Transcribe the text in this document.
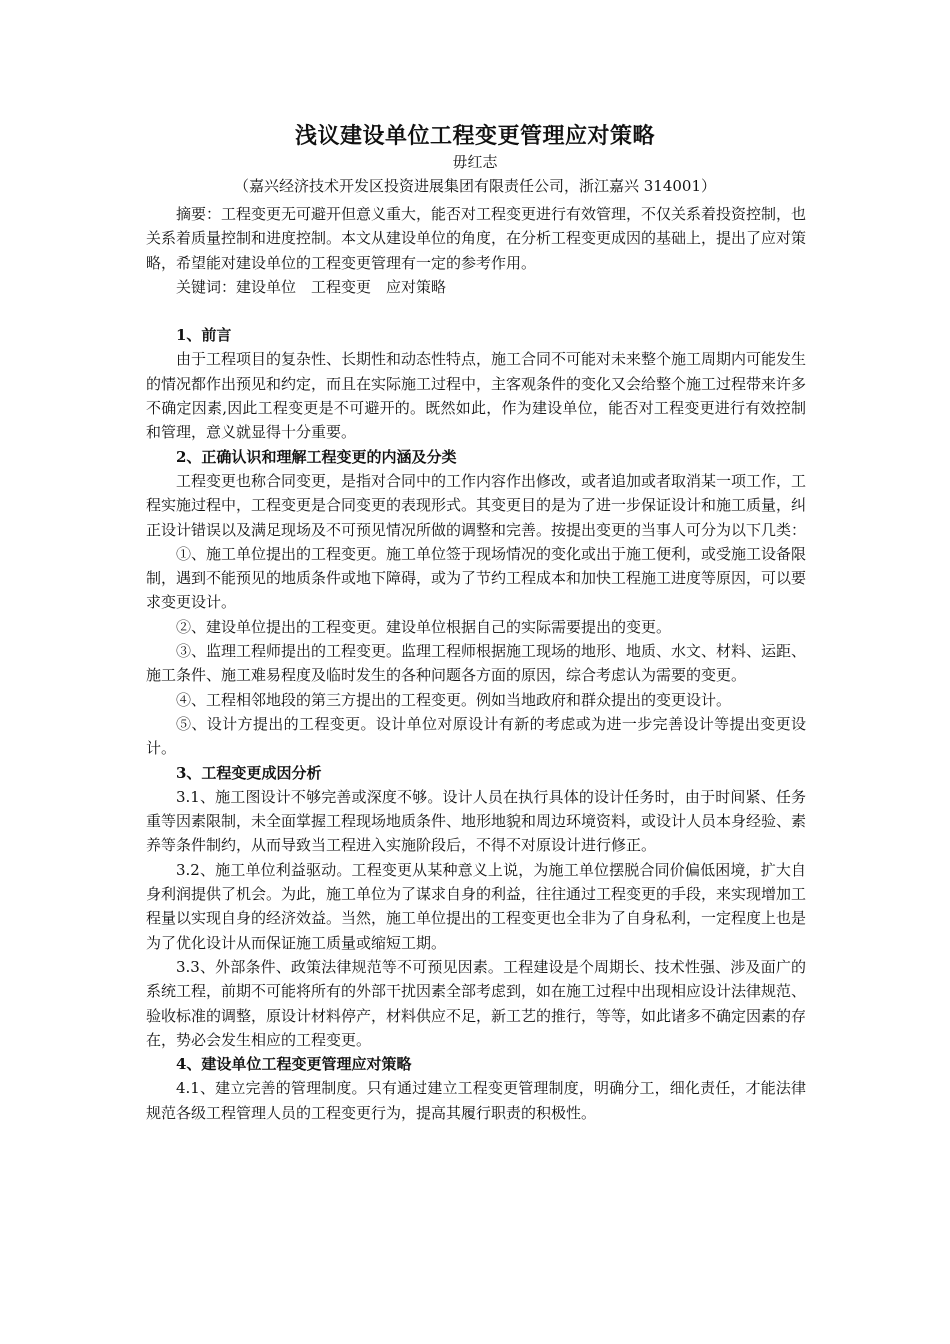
浅议建设单位工程变更管理应对策略
毋红志
（嘉兴经济技术开发区投资进展集团有限责任公司，浙江嘉兴 314001）

摘要：工程变更无可避开但意义重大，能否对工程变更进行有效管理，不仅关系着投资控制，也关系着质量控制和进度控制。本文从建设单位的角度，在分析工程变更成因的基础上，提出了应对策略，希望能对建设单位的工程变更管理有一定的参考作用。

关键词：建设单位　工程变更　应对策略

1、前言

由于工程项目的复杂性、长期性和动态性特点，施工合同不可能对未来整个施工周期内可能发生的情况都作出预见和约定，而且在实际施工过程中，主客观条件的变化又会给整个施工过程带来许多不确定因素,因此工程变更是不可避开的。既然如此，作为建设单位，能否对工程变更进行有效控制和管理，意义就显得十分重要。

2、正确认识和理解工程变更的内涵及分类

工程变更也称合同变更，是指对合同中的工作内容作出修改，或者追加或者取消某一项工作，工程实施过程中，工程变更是合同变更的表现形式。其变更目的是为了进一步保证设计和施工质量，纠正设计错误以及满足现场及不可预见情况所做的调整和完善。按提出变更的当事人可分为以下几类：

①、施工单位提出的工程变更。施工单位签于现场情况的变化或出于施工便利，或受施工设备限制，遇到不能预见的地质条件或地下障碍，或为了节约工程成本和加快工程施工进度等原因，可以要求变更设计。

②、建设单位提出的工程变更。建设单位根据自己的实际需要提出的变更。

③、监理工程师提出的工程变更。监理工程师根据施工现场的地形、地质、水文、材料、运距、施工条件、施工难易程度及临时发生的各种问题各方面的原因，综合考虑认为需要的变更。

④、工程相邻地段的第三方提出的工程变更。例如当地政府和群众提出的变更设计。

⑤、设计方提出的工程变更。设计单位对原设计有新的考虑或为进一步完善设计等提出变更设计。

3、工程变更成因分析

3.1、施工图设计不够完善或深度不够。设计人员在执行具体的设计任务时，由于时间紧、任务重等因素限制，未全面掌握工程现场地质条件、地形地貌和周边环境资料，或设计人员本身经验、素养等条件制约，从而导致当工程进入实施阶段后，不得不对原设计进行修正。

3.2、施工单位利益驱动。工程变更从某种意义上说，为施工单位摆脱合同价偏低困境，扩大自身利润提供了机会。为此，施工单位为了谋求自身的利益，往往通过工程变更的手段，来实现增加工程量以实现自身的经济效益。当然，施工单位提出的工程变更也全非为了自身私利，一定程度上也是为了优化设计从而保证施工质量或缩短工期。

3.3、外部条件、政策法律规范等不可预见因素。工程建设是个周期长、技术性强、涉及面广的系统工程，前期不可能将所有的外部干扰因素全部考虑到，如在施工过程中出现相应设计法律规范、验收标准的调整，原设计材料停产，材料供应不足，新工艺的推行，等等，如此诸多不确定因素的存在，势必会发生相应的工程变更。

4、建设单位工程变更管理应对策略

4.1、建立完善的管理制度。只有通过建立工程变更管理制度，明确分工，细化责任，才能法律规范各级工程管理人员的工程变更行为，提高其履行职责的积极性。
